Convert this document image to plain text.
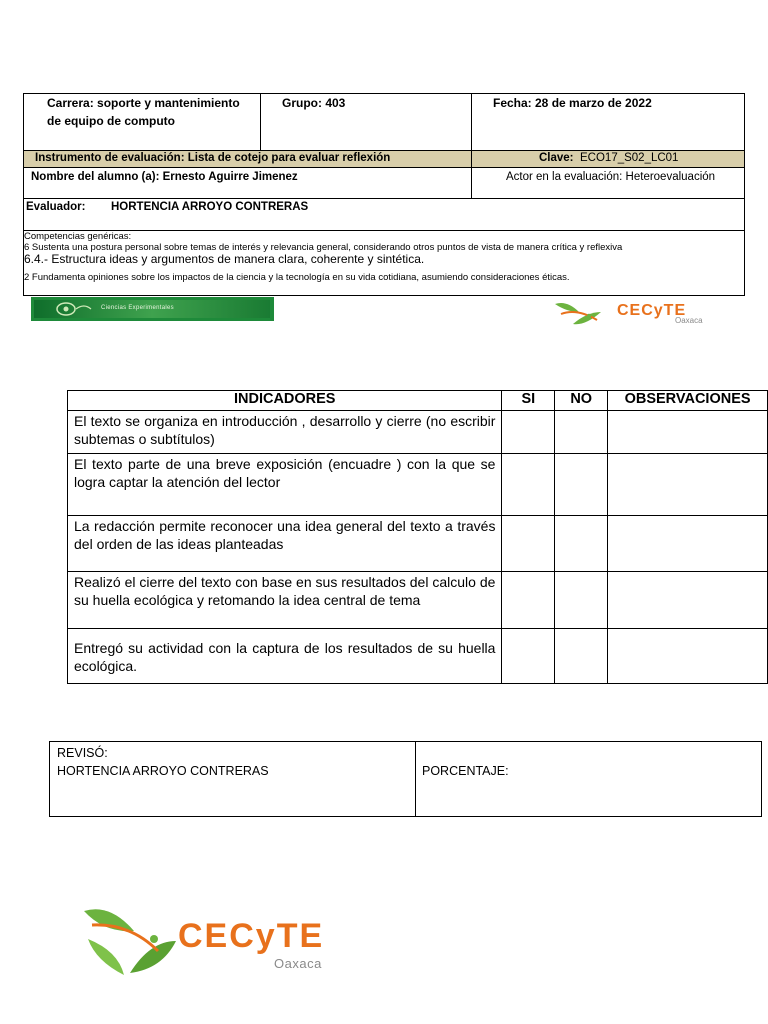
Carrera: soporte y mantenimiento de equipo de computo
Grupo: 403	Fecha: 28 de marzo de 2022
Instrumento de evaluación: Lista de cotejo para evaluar reflexión	Clave: ECO17_S02_LC01
Nombre del alumno (a): Ernesto Aguirre Jimenez	Actor en la evaluación: Heteroevaluación
Evaluador: HORTENCIA ARROYO CONTRERAS
Competencias genéricas:
6 Sustenta una postura personal sobre temas de interés y relevancia general, considerando otros puntos de vista de manera crítica y reflexiva
6.4.- Estructura ideas y argumentos de manera clara, coherente y sintética.
2 Fundamenta opiniones sobre los impactos de la ciencia y la tecnología en su vida cotidiana, asumiendo consideraciones éticas.
Ciencias Experimentales	CECyTE
Oaxaca
INDICADORES	SI	NO	OBSERVACIONES
El texto se organiza en introducción , desarrollo y cierre (no escribir subtemas o subtítulos)			
El texto parte de una breve exposición (encuadre ) con la que se logra captar la atención del lector			
La redacción permite reconocer una idea general del texto a través del orden de las ideas planteadas			
Realizó el cierre del texto con base en sus resultados del calculo de su huella ecológica y retomando la idea central de tema			
Entregó su actividad con la captura de los resultados de su huella ecológica.			
REVISÓ:
HORTENCIA ARROYO CONTRERAS	PORCENTAJE:
CECyTE
Oaxaca
